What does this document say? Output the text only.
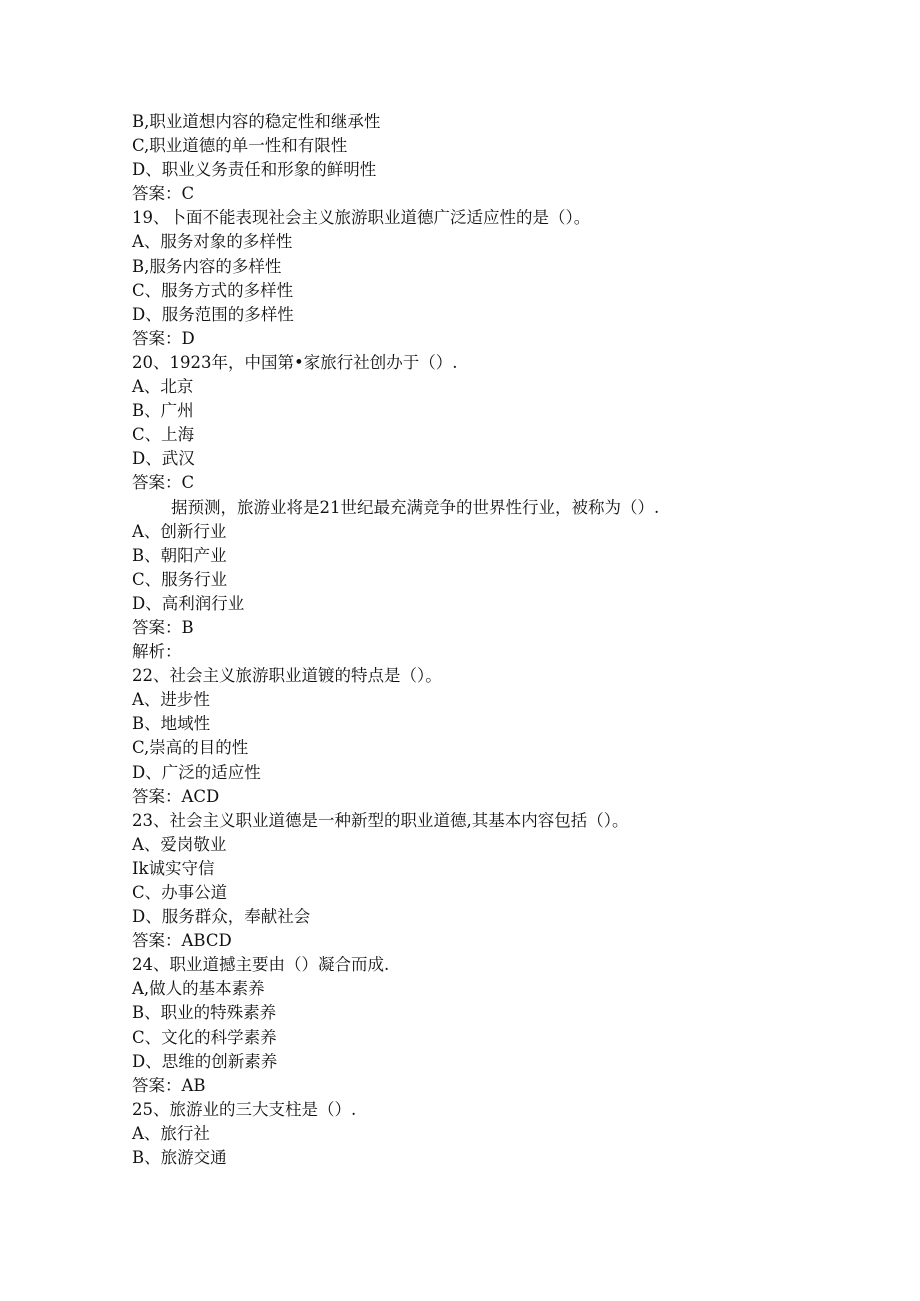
B,职业道想内容的稳定性和继承性
C,职业道德的单一性和有限性
D、职业义务责任和形象的鲜明性
答案：C
19、卜面不能表现社会主义旅游职业道德广泛适应性的是（）。
A、服务对象的多样性
B,服务内容的多样性
C、服务方式的多样性
D、服务范围的多样性
答案：D
20、1923年，中国第•家旅行社创办于（）.
A、北京
B、广州
C、上海
D、武汉
答案：C
据预测，旅游业将是21世纪最充满竞争的世界性行业，被称为（）.
A、创新行业
B、朝阳产业
C、服务行业
D、高利润行业
答案：B
解析：
22、社会主义旅游职业道镀的特点是（）。
A、进步性
B、地域性
C,崇高的目的性
D、广泛的适应性
答案：ACD
23、社会主义职业道德是一种新型的职业道德,其基本内容包括（）。
A、爱岗敬业
Ik诚实守信
C、办事公道
D、服务群众，奉献社会
答案：ABCD
24、职业道撼主要由（）凝合而成.
A,做人的基本素养
B、职业的特殊素养
C、文化的科学素养
D、思维的创新素养
答案：AB
25、旅游业的三大支柱是（）.
A、旅行社
B、旅游交通
